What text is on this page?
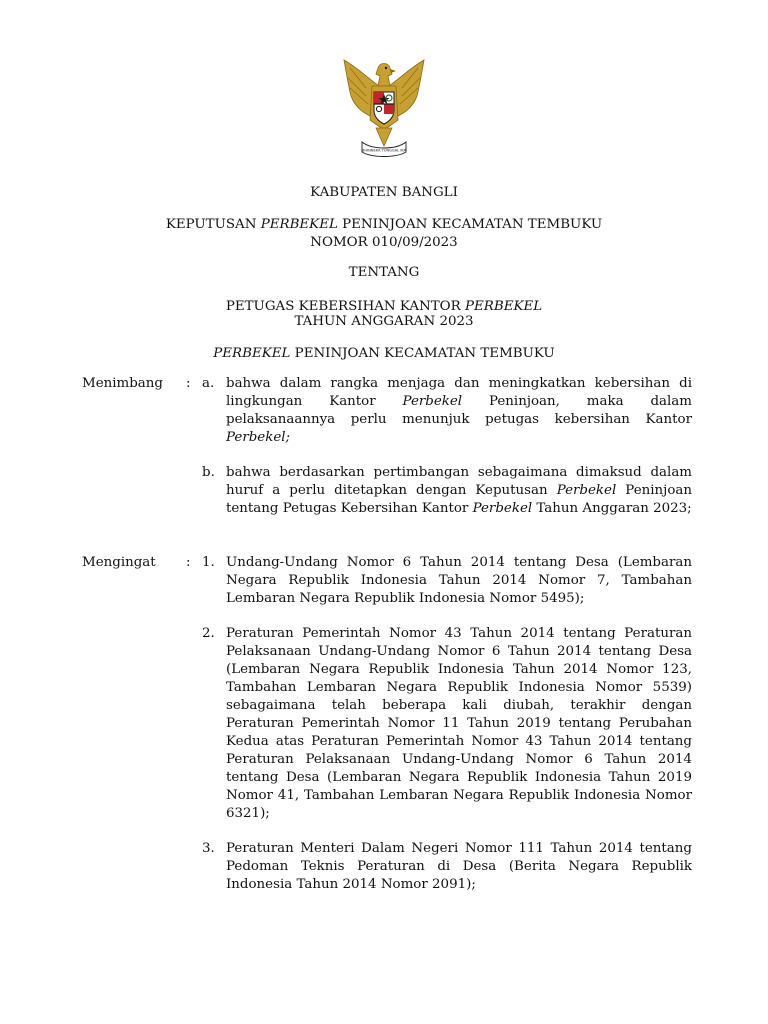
BHINNEKA TUNGGAL IKA
KABUPATEN BANGLI
KEPUTUSAN PERBEKEL PENINJOAN KECAMATAN TEMBUKU
NOMOR 010/09/2023
TENTANG
PETUGAS KEBERSIHAN KANTOR PERBEKEL
TAHUN ANGGARAN 2023
PERBEKEL PENINJOAN KECAMATAN TEMBUKU
Menimbang	: a. bahwa dalam rangka menjaga dan meningkatkan kebersihan di lingkungan Kantor Perbekel Peninjoan, maka dalam pelaksanaannya perlu menunjuk petugas kebersihan Kantor Perbekel;
b. bahwa berdasarkan pertimbangan sebagaimana dimaksud dalam huruf a perlu ditetapkan dengan Keputusan Perbekel Peninjoan tentang Petugas Kebersihan Kantor Perbekel Tahun Anggaran 2023;
Mengingat	: 1. Undang-Undang Nomor 6 Tahun 2014 tentang Desa (Lembaran Negara Republik Indonesia Tahun 2014 Nomor 7, Tambahan Lembaran Negara Republik Indonesia Nomor 5495);
2. Peraturan Pemerintah Nomor 43 Tahun 2014 tentang Peraturan Pelaksanaan Undang-Undang Nomor 6 Tahun 2014 tentang Desa (Lembaran Negara Republik Indonesia Tahun 2014 Nomor 123, Tambahan Lembaran Negara Republik Indonesia Nomor 5539) sebagaimana telah beberapa kali diubah, terakhir dengan Peraturan Pemerintah Nomor 11 Tahun 2019 tentang Perubahan Kedua atas Peraturan Pemerintah Nomor 43 Tahun 2014 tentang Peraturan Pelaksanaan Undang-Undang Nomor 6 Tahun 2014 tentang Desa (Lembaran Negara Republik Indonesia Tahun 2019 Nomor 41, Tambahan Lembaran Negara Republik Indonesia Nomor 6321);
3. Peraturan Menteri Dalam Negeri Nomor 111 Tahun 2014 tentang Pedoman Teknis Peraturan di Desa (Berita Negara Republik Indonesia Tahun 2014 Nomor 2091);
